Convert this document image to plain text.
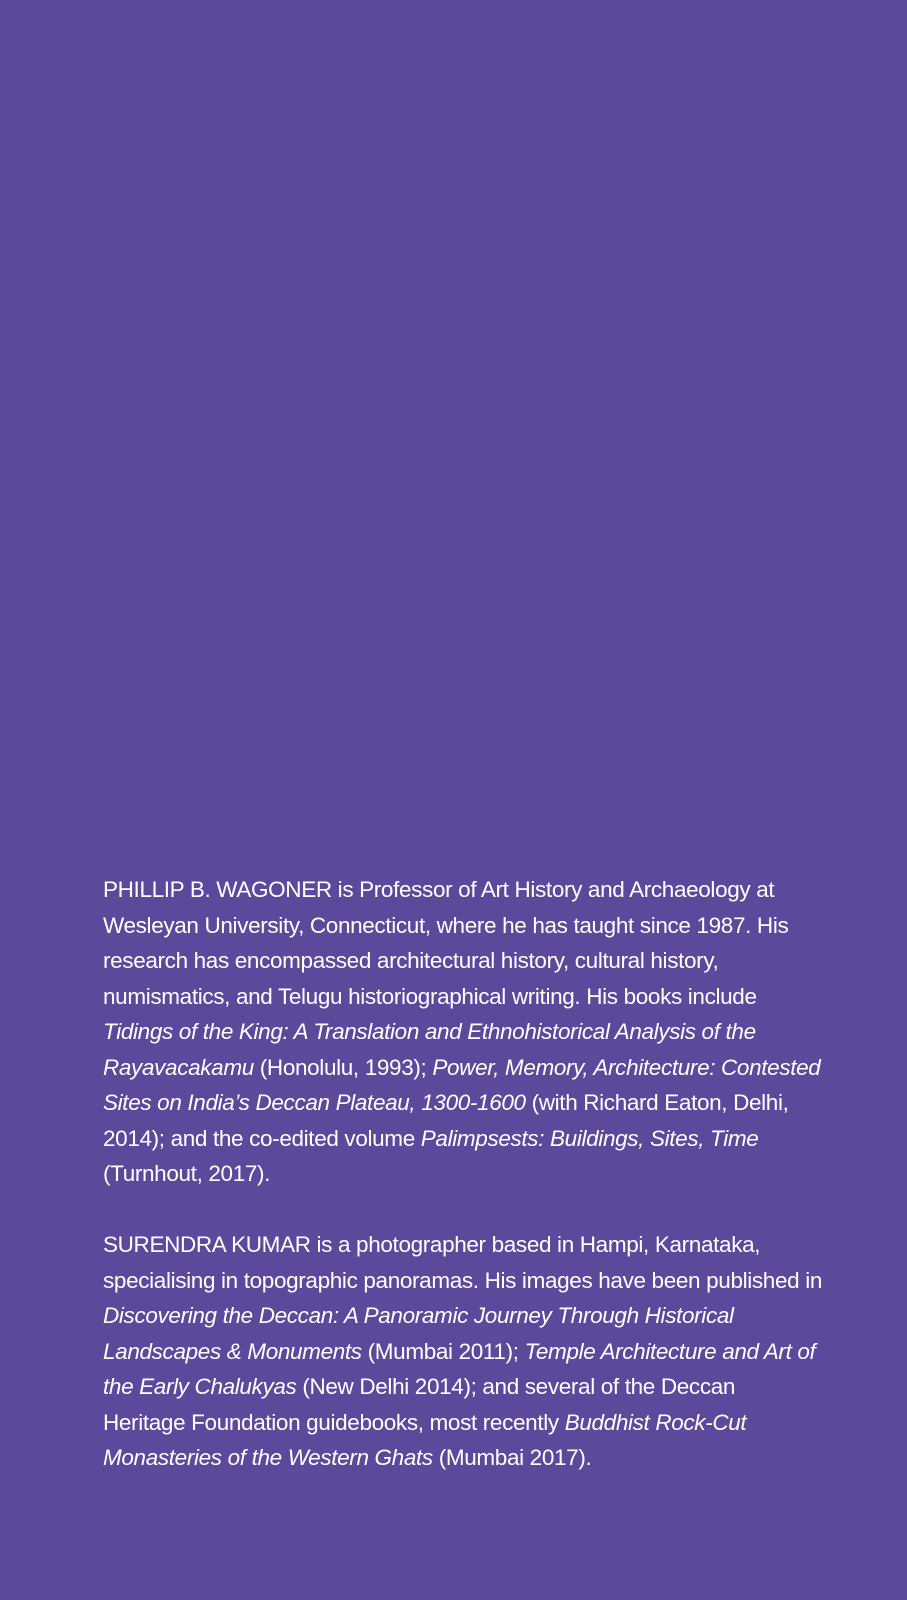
PHILLIP B. WAGONER is Professor of Art History and Archaeology at Wesleyan University, Connecticut, where he has taught since 1987. His research has encompassed architectural history, cultural history, numismatics, and Telugu historiographical writing. His books include Tidings of the King: A Translation and Ethnohistorical Analysis of the Rayavacakamu (Honolulu, 1993); Power, Memory, Architecture: Contested Sites on India’s Deccan Plateau, 1300-1600 (with Richard Eaton, Delhi, 2014); and the co-edited volume Palimpsests: Buildings, Sites, Time (Turnhout, 2017).

SURENDRA KUMAR is a photographer based in Hampi, Karnataka, specialising in topographic panoramas. His images have been published in Discovering the Deccan: A Panoramic Journey Through Historical Landscapes & Monuments (Mumbai 2011); Temple Architecture and Art of the Early Chalukyas (New Delhi 2014); and several of the Deccan Heritage Foundation guidebooks, most recently Buddhist Rock-Cut Monasteries of the Western Ghats (Mumbai 2017).
